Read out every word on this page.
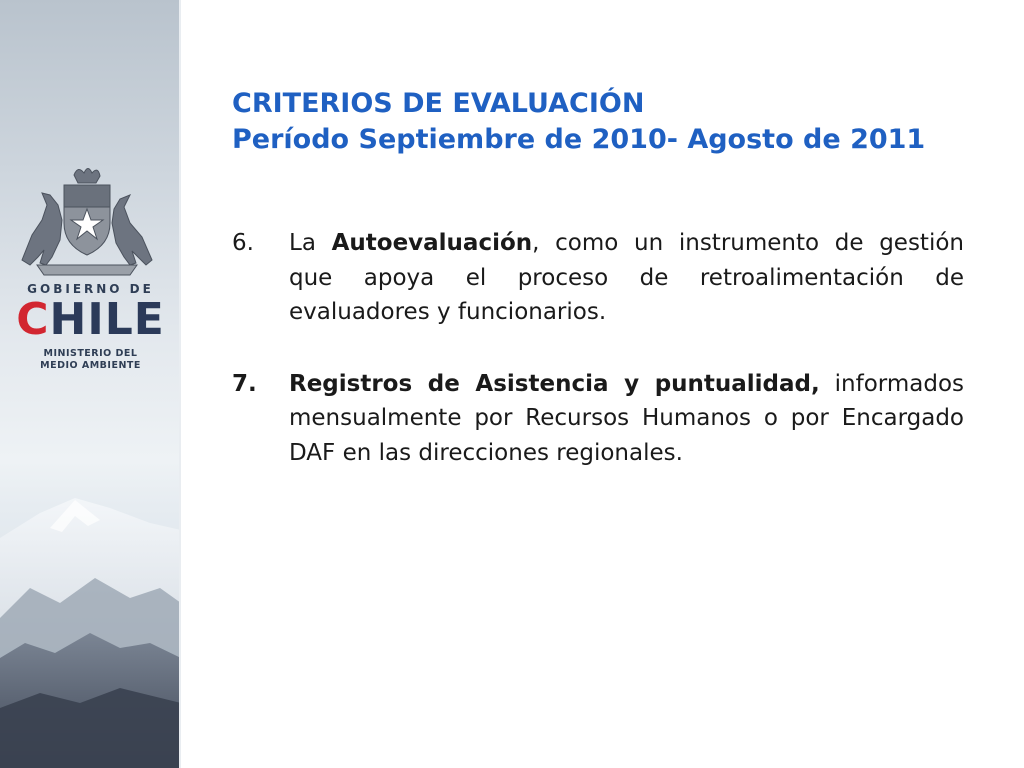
GOBIERNO DE
CHILE
MINISTERIO DEL
MEDIO AMBIENTE
CRITERIOS DE EVALUACIÓN
Período Septiembre de 2010- Agosto de 2011
6. La Autoevaluación, como un instrumento de gestión que apoya el proceso de retroalimentación de evaluadores y funcionarios.
7. Registros de Asistencia y puntualidad, informados mensualmente por Recursos Humanos o por Encargado DAF en las direcciones regionales.
